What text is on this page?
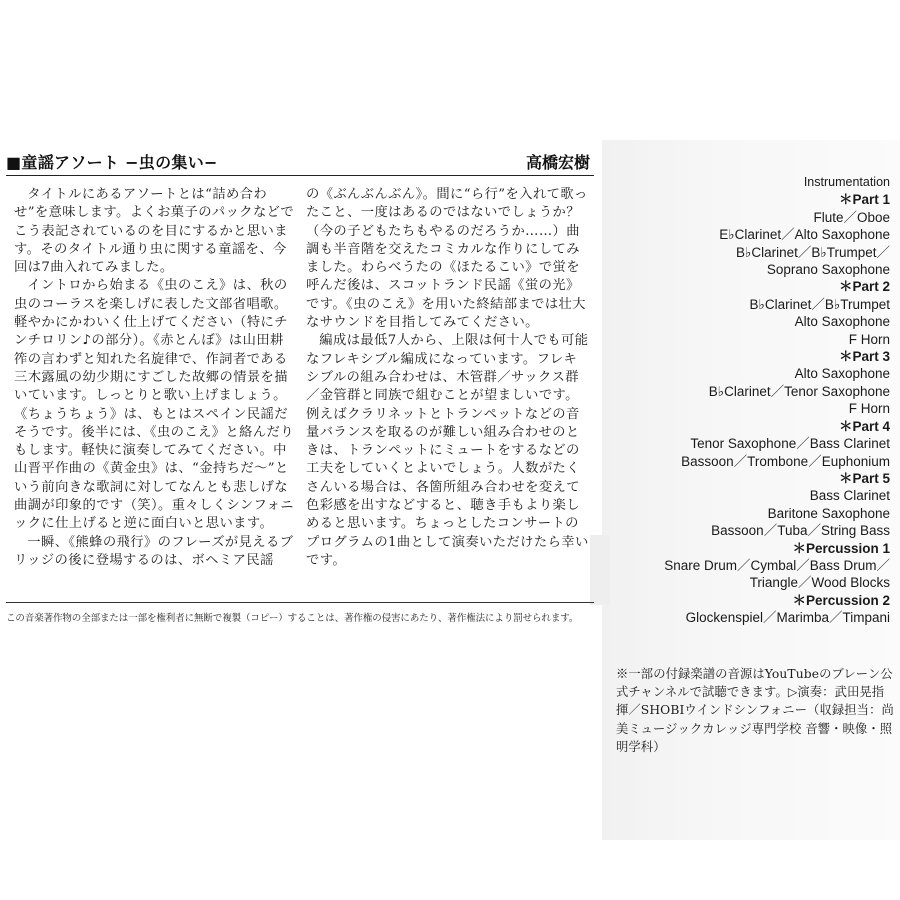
■童謡アソート −虫の集い−	高橋宏樹

タイトルにあるアソートとは“詰め合わせ”を意味します。よくお菓子のパックなどでこう表記されているのを目にするかと思います。そのタイトル通り虫に関する童謡を、今回は7曲入れてみました。

イントロから始まる《虫のこえ》は、秋の虫のコーラスを楽しげに表した文部省唱歌。軽やかにかわいく仕上げてください（特にチンチロリン♪の部分）。《赤とんぼ》は山田耕筰の言わずと知れた名旋律で、作詞者である三木露風の幼少期にすごした故郷の情景を描いています。しっとりと歌い上げましょう。《ちょうちょう》は、もとはスペイン民謡だそうです。後半には、《虫のこえ》と絡んだりもします。軽快に演奏してみてください。中山晋平作曲の《黄金虫》は、“金持ちだ〜”という前向きな歌詞に対してなんとも悲しげな曲調が印象的です（笑）。重々しくシンフォニックに仕上げると逆に面白いと思います。

一瞬、《熊蜂の飛行》のフレーズが見えるブリッジの後に登場するのは、ボヘミア民謡

の《ぶんぶんぶん》。間に“ら行”を入れて歌ったこと、一度はあるのではないでしょうか？（今の子どもたちもやるのだろうか……）曲調も半音階を交えたコミカルな作りにしてみました。わらべうたの《ほたるこい》で蛍を呼んだ後は、スコットランド民謡《蛍の光》です。《虫のこえ》を用いた終結部までは壮大なサウンドを目指してみてください。

編成は最低7人から、上限は何十人でも可能なフレキシブル編成になっています。フレキシブルの組み合わせは、木管群／サックス群／金管群と同族で組むことが望ましいです。例えばクラリネットとトランペットなどの音量バランスを取るのが難しい組み合わせのときは、トランペットにミュートをするなどの工夫をしていくとよいでしょう。人数がたくさんいる場合は、各箇所組み合わせを変えて色彩感を出すなどすると、聴き手もより楽しめると思います。ちょっとしたコンサートのプログラムの1曲として演奏いただけたら幸いです。

この音楽著作物の全部または一部を権利者に無断で複製（コピー）することは、著作権の侵害にあたり、著作権法により罰せられます。
Instrumentation
＊Part 1
Flute／Oboe
E♭Clarinet／Alto Saxophone
B♭Clarinet／B♭Trumpet／
Soprano Saxophone
＊Part 2
B♭Clarinet／B♭Trumpet
Alto Saxophone
F Horn
＊Part 3
Alto Saxophone
B♭Clarinet／Tenor Saxophone
F Horn
＊Part 4
Tenor Saxophone／Bass Clarinet
Bassoon／Trombone／Euphonium
＊Part 5
Bass Clarinet
Baritone Saxophone
Bassoon／Tuba／String Bass
＊Percussion 1
Snare Drum／Cymbal／Bass Drum／
Triangle／Wood Blocks
＊Percussion 2
Glockenspiel／Marimba／Timpani

※一部の付録楽譜の音源はYouTubeのブレーン公式チャンネルで試聴できます。▷演奏：武田晃指揮／SHOBIウインドシンフォニー（収録担当：尚美ミュージックカレッジ専門学校 音響・映像・照明学科）
